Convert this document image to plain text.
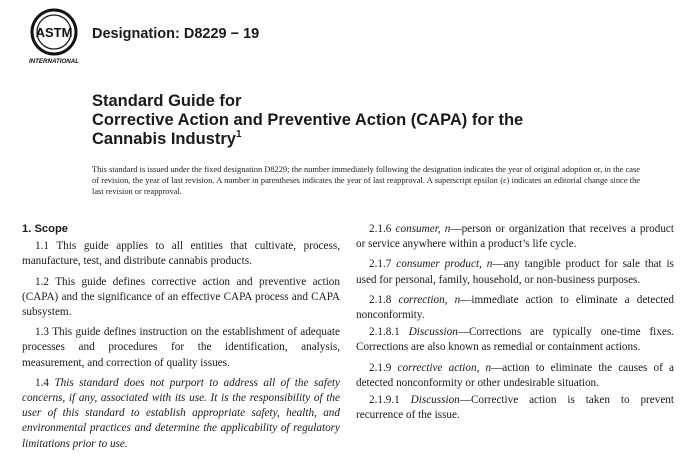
ASTM
INTERNATIONAL
Designation: D8229 − 19
Standard Guide for
Corrective Action and Preventive Action (CAPA) for the
Cannabis Industry$^1$
This standard is issued under the fixed designation D8229; the number immediately following the designation indicates the year of original adoption or, in the case of revision, the year of last revision. A number in parentheses indicates the year of last reapproval. A superscript epsilon (ε) indicates an editorial change since the last revision or reapproval.
1. Scope

1.1 This guide applies to all entities that cultivate, process, manufacture, test, and distribute cannabis products.

1.2 This guide defines corrective action and preventive action (CAPA) and the significance of an effective CAPA process and CAPA subsystem.

1.3 This guide defines instruction on the establishment of adequate processes and procedures for the identification, analysis, measurement, and correction of quality issues.

1.4 This standard does not purport to address all of the safety concerns, if any, associated with its use. It is the responsibility of the user of this standard to establish appropriate safety, health, and environmental practices and determine the applicability of regulatory limitations prior to use.

2.1.6 consumer, n—person or organization that receives a product or service anywhere within a product’s life cycle.

2.1.7 consumer product, n—any tangible product for sale that is used for personal, family, household, or non-business purposes.

2.1.8 correction, n—immediate action to eliminate a detected nonconformity.

2.1.8.1 Discussion—Corrections are typically one-time fixes. Corrections are also known as remedial or containment actions.

2.1.9 corrective action, n—action to eliminate the causes of a detected nonconformity or other undesirable situation.

2.1.9.1 Discussion—Corrective action is taken to prevent recurrence of the issue.
